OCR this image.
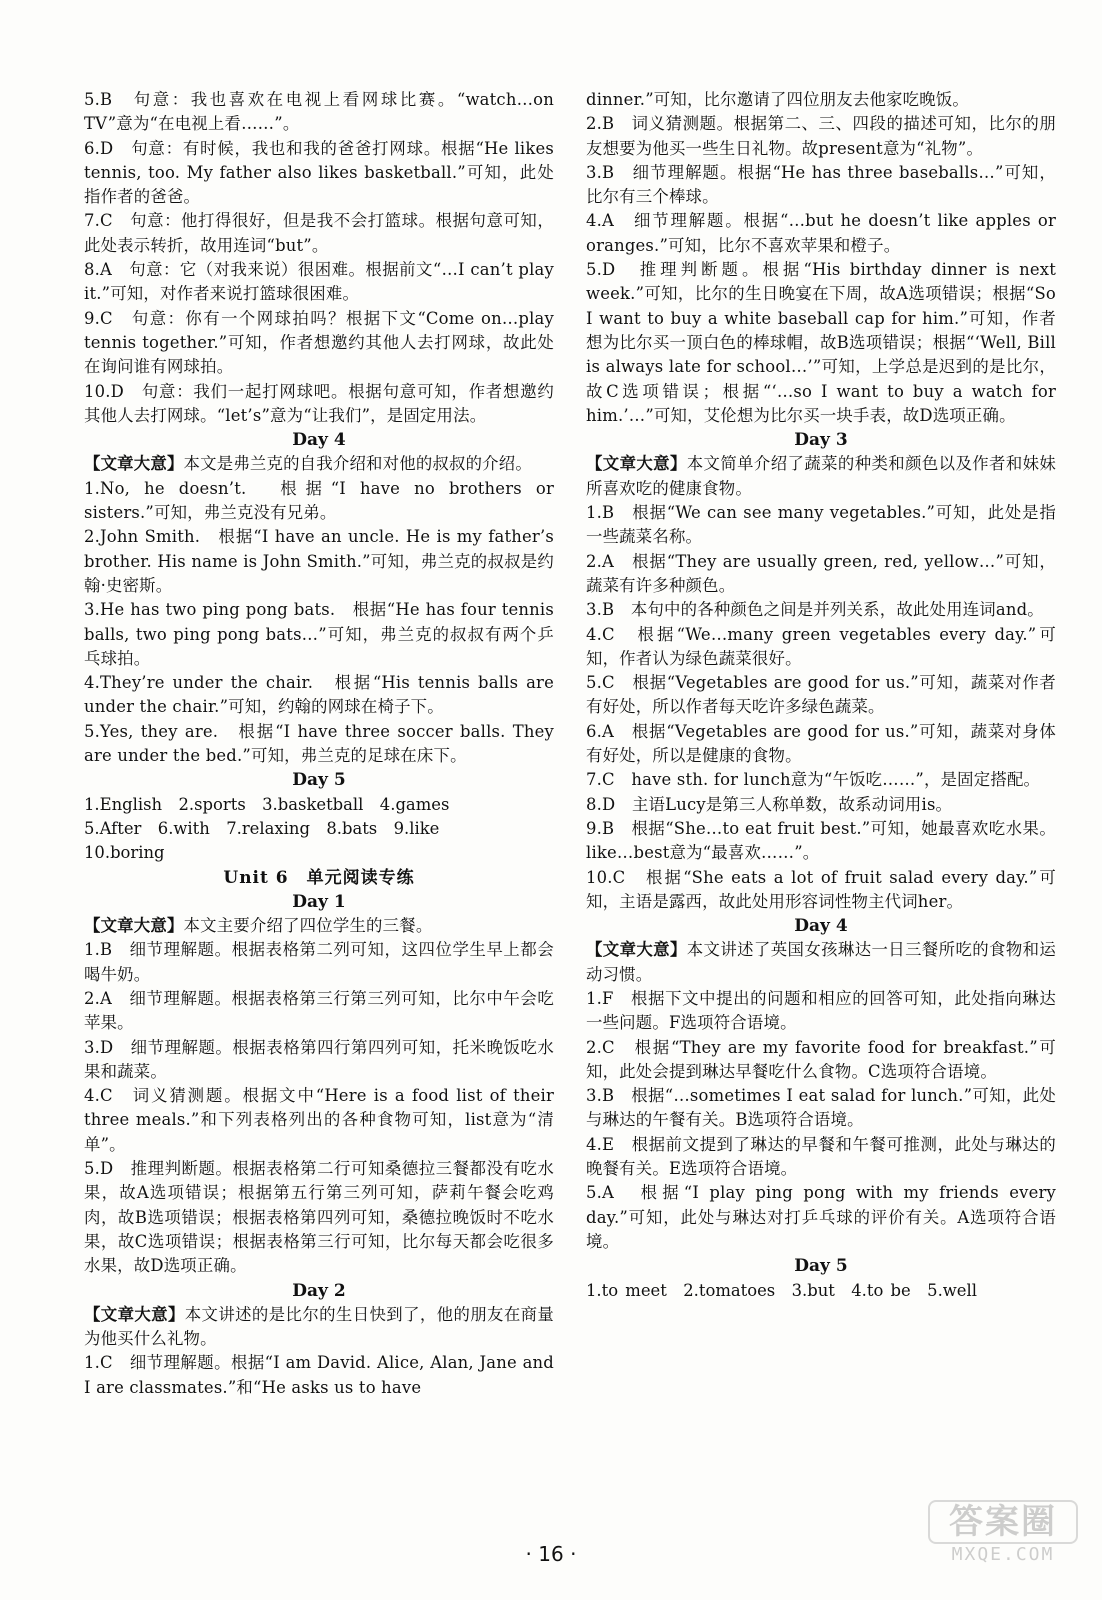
5.B　句意：我也喜欢在电视上看网球比赛。“watch…on TV”意为“在电视上看……”。
6.D　句意：有时候，我也和我的爸爸打网球。根据“He likes tennis, too. My father also likes basketball.”可知，此处指作者的爸爸。
7.C　句意：他打得很好，但是我不会打篮球。根据句意可知，此处表示转折，故用连词“but”。
8.A　句意：它（对我来说）很困难。根据前文“…I can’t play it.”可知，对作者来说打篮球很困难。
9.C　句意：你有一个网球拍吗？根据下文“Come on…play tennis together.”可知，作者想邀约其他人去打网球，故此处在询问谁有网球拍。
10.D　句意：我们一起打网球吧。根据句意可知，作者想邀约其他人去打网球。“let’s”意为“让我们”，是固定用法。
Day 4
【文章大意】本文是弗兰克的自我介绍和对他的叔叔的介绍。
1.No, he doesn’t.　根据“I have no brothers or sisters.”可知，弗兰克没有兄弟。
2.John Smith.　根据“I have an uncle. He is my father’s brother. His name is John Smith.”可知，弗兰克的叔叔是约翰·史密斯。
3.He has two ping pong bats.　根据“He has four tennis balls, two ping pong bats…”可知，弗兰克的叔叔有两个乒乓球拍。
4.They’re under the chair.　根据“His tennis balls are under the chair.”可知，约翰的网球在椅子下。
5.Yes, they are.　根据“I have three soccer balls. They are under the bed.”可知，弗兰克的足球在床下。
Day 5
1.English　2.sports　3.basketball　4.games
5.After　6.with　7.relaxing　8.bats　9.like
10.boring
Unit 6　单元阅读专练
Day 1
【文章大意】本文主要介绍了四位学生的三餐。
1.B　细节理解题。根据表格第二列可知，这四位学生早上都会喝牛奶。
2.A　细节理解题。根据表格第三行第三列可知，比尔中午会吃苹果。
3.D　细节理解题。根据表格第四行第四列可知，托米晚饭吃水果和蔬菜。
4.C　词义猜测题。根据文中“Here is a food list of their three meals.”和下列表格列出的各种食物可知，list意为“清单”。
5.D　推理判断题。根据表格第二行可知桑德拉三餐都没有吃水果，故A选项错误；根据第五行第三列可知，萨莉午餐会吃鸡肉，故B选项错误；根据表格第四列可知，桑德拉晚饭时不吃水果，故C选项错误；根据表格第三行可知，比尔每天都会吃很多水果，故D选项正确。
Day 2
【文章大意】本文讲述的是比尔的生日快到了，他的朋友在商量为他买什么礼物。
1.C　细节理解题。根据“I am David. Alice, Alan, Jane and I are classmates.”和“He asks us to have
dinner.”可知，比尔邀请了四位朋友去他家吃晚饭。
2.B　词义猜测题。根据第二、三、四段的描述可知，比尔的朋友想要为他买一些生日礼物。故present意为“礼物”。
3.B　细节理解题。根据“He has three baseballs…”可知，比尔有三个棒球。
4.A　细节理解题。根据“…but he doesn’t like apples or oranges.”可知，比尔不喜欢苹果和橙子。
5.D　推理判断题。根据“His birthday dinner is next week.”可知，比尔的生日晚宴在下周，故A选项错误；根据“So I want to buy a white baseball cap for him.”可知，作者想为比尔买一顶白色的棒球帽，故B选项错误；根据“‘Well, Bill is always late for school…’”可知，上学总是迟到的是比尔，故C选项错误；根据“‘…so I want to buy a watch for him.’…”可知，艾伦想为比尔买一块手表，故D选项正确。
Day 3
【文章大意】本文简单介绍了蔬菜的种类和颜色以及作者和妹妹所喜欢吃的健康食物。
1.B　根据“We can see many vegetables.”可知，此处是指一些蔬菜名称。
2.A　根据“They are usually green, red, yellow…”可知，蔬菜有许多种颜色。
3.B　本句中的各种颜色之间是并列关系，故此处用连词and。
4.C　根据“We…many green vegetables every day.”可知，作者认为绿色蔬菜很好。
5.C　根据“Vegetables are good for us.”可知，蔬菜对作者有好处，所以作者每天吃许多绿色蔬菜。
6.A　根据“Vegetables are good for us.”可知，蔬菜对身体有好处，所以是健康的食物。
7.C　have sth. for lunch意为“午饭吃……”，是固定搭配。
8.D　主语Lucy是第三人称单数，故系动词用is。
9.B　根据“She…to eat fruit best.”可知，她最喜欢吃水果。like…best意为“最喜欢……”。
10.C　根据“She eats a lot of fruit salad every day.”可知，主语是露西，故此处用形容词性物主代词her。
Day 4
【文章大意】本文讲述了英国女孩琳达一日三餐所吃的食物和运动习惯。
1.F　根据下文中提出的问题和相应的回答可知，此处指向琳达一些问题。F选项符合语境。
2.C　根据“They are my favorite food for breakfast.”可知，此处会提到琳达早餐吃什么食物。C选项符合语境。
3.B　根据“…sometimes I eat salad for lunch.”可知，此处与琳达的午餐有关。B选项符合语境。
4.E　根据前文提到了琳达的早餐和午餐可推测，此处与琳达的晚餐有关。E选项符合语境。
5.A　根据“I play ping pong with my friends every day.”可知，此处与琳达对打乒乓球的评价有关。A选项符合语境。
Day 5
1.to meet　2.tomatoes　3.but　4.to be　5.well
· 16 ·
答案圈
MXQE.COM
